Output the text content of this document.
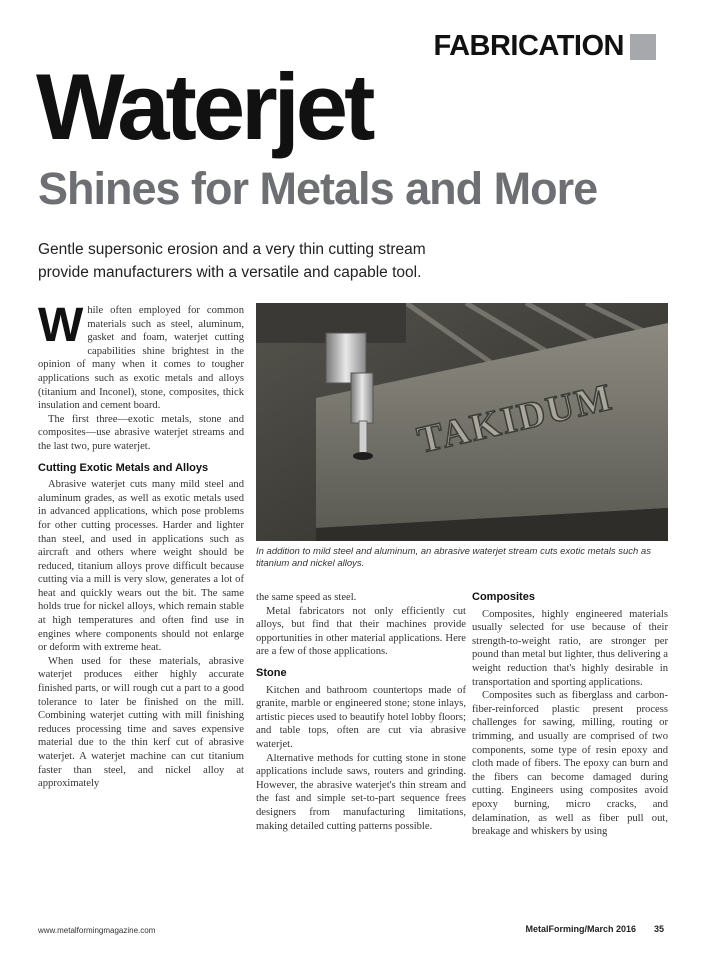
FABRICATION
Waterjet
Shines for Metals and More

Gentle supersonic erosion and a very thin cutting stream provide manufacturers with a versatile and capable tool.

While often employed for common materials such as steel, aluminum, gasket and foam, waterjet cutting capabilities shine brightest in the opinion of many when it comes to tougher applications such as exotic metals and alloys (titanium and Inconel), stone, composites, thick insulation and cement board.

The first three—exotic metals, stone and composites—use abrasive waterjet streams and the last two, pure waterjet.

Cutting Exotic Metals and Alloys

Abrasive waterjet cuts many mild steel and aluminum grades, as well as exotic metals used in advanced applications, which pose problems for other cutting processes. Harder and lighter than steel, and used in applications such as aircraft and others where weight should be reduced, titanium alloys prove difficult because cutting via a mill is very slow, generates a lot of heat and quickly wears out the bit. The same holds true for nickel alloys, which remain stable at high temperatures and often find use in engines where components should not enlarge or deform with extreme heat.

When used for these materials, abrasive waterjet produces either highly accurate finished parts, or will rough cut a part to a good tolerance to later be finished on the mill. Combining waterjet cutting with mill finishing reduces processing time and saves expensive material due to the thin kerf cut of abrasive waterjet. A waterjet machine can cut titanium faster than steel, and nickel alloy at approximately

TAKIDUM

In addition to mild steel and aluminum, an abrasive waterjet stream cuts exotic metals such as titanium and nickel alloys.

the same speed as steel.

Metal fabricators not only efficiently cut alloys, but find that their machines provide opportunities in other material applications. Here are a few of those applications.

Stone

Kitchen and bathroom countertops made of granite, marble or engineered stone; stone inlays, artistic pieces used to beautify hotel lobby floors; and table tops, often are cut via abrasive waterjet.

Alternative methods for cutting stone in stone applications include saws, routers and grinding. However, the abrasive waterjet's thin stream and the fast and simple set-to-part sequence frees designers from manufacturing limitations, making detailed cutting patterns possible.

Composites

Composites, highly engineered materials usually selected for use because of their strength-to-weight ratio, are stronger per pound than metal but lighter, thus delivering a weight reduction that's highly desirable in transportation and sporting applications.

Composites such as fiberglass and carbon-fiber-reinforced plastic present process challenges for sawing, milling, routing or trimming, and usually are comprised of two components, some type of resin epoxy and cloth made of fibers. The epoxy can burn and the fibers can become damaged during cutting. Engineers using composites avoid epoxy burning, micro cracks, and delamination, as well as fiber pull out, breakage and whiskers by using

www.metalformingmagazine.com	MetalForming/March 2016 35
